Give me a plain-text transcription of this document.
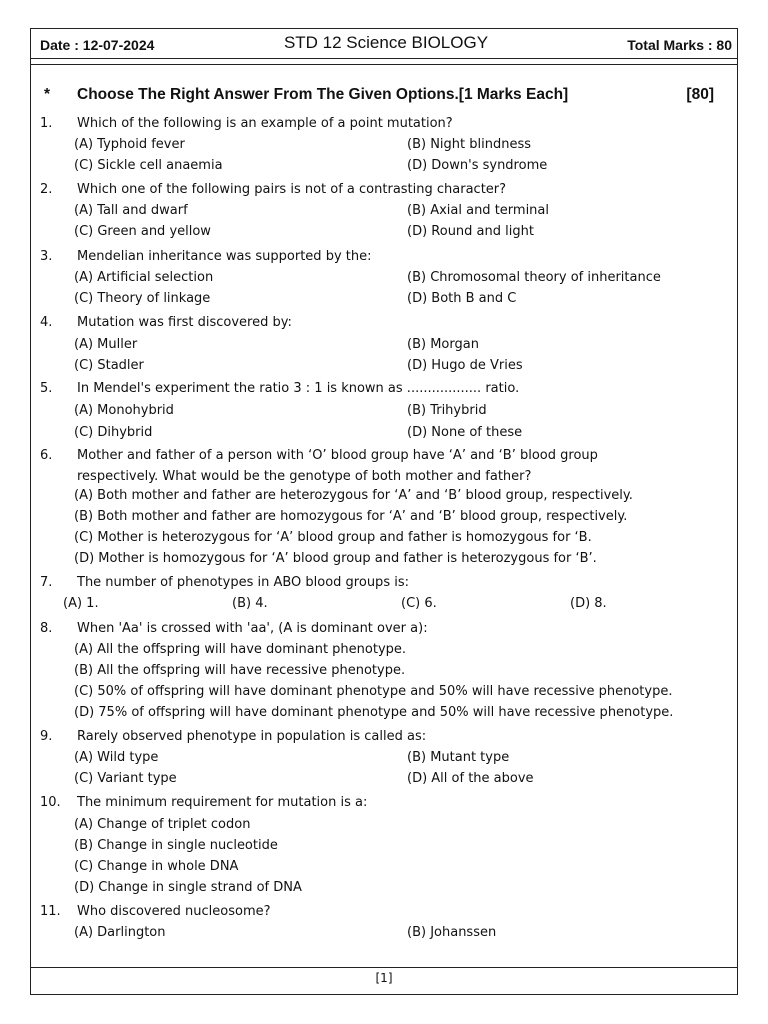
Date : 12-07-2024	STD 12 Science BIOLOGY	Total Marks : 80
* Choose The Right Answer From The Given Options.[1 Marks Each]	[80]
1.	Which of the following is an example of a point mutation?
(A) Typhoid fever	(B) Night blindness
(C) Sickle cell anaemia	(D) Down's syndrome
2.	Which one of the following pairs is not of a contrasting character?
(A) Tall and dwarf	(B) Axial and terminal
(C) Green and yellow	(D) Round and light
3.	Mendelian inheritance was supported by the:
(A) Artificial selection	(B) Chromosomal theory of inheritance
(C) Theory of linkage	(D) Both B and C
4.	Mutation was first discovered by:
(A) Muller	(B) Morgan
(C) Stadler	(D) Hugo de Vries
5.	In Mendel's experiment the ratio 3 : 1 is known as .................. ratio.
(A) Monohybrid	(B) Trihybrid
(C) Dihybrid	(D) None of these
6.	Mother and father of a person with ‘O’ blood group have ‘A’ and ‘B’ blood group respectively. What would be the genotype of both mother and father?
(A) Both mother and father are heterozygous for ‘A’ and ‘B’ blood group, respectively.
(B) Both mother and father are homozygous for ‘A’ and ‘B’ blood group, respectively.
(C) Mother is heterozygous for ‘A’ blood group and father is homozygous for ‘B.
(D) Mother is homozygous for ‘A’ blood group and father is heterozygous for ‘B’.
7.	The number of phenotypes in ABO blood groups is:
(A) 1.	(B) 4.	(C) 6.	(D) 8.
8.	When 'Aa' is crossed with 'aa', (A is dominant over a):
(A) All the offspring will have dominant phenotype.
(B) All the offspring will have recessive phenotype.
(C) 50% of offspring will have dominant phenotype and 50% will have recessive phenotype.
(D) 75% of offspring will have dominant phenotype and 50% will have recessive phenotype.
9.	Rarely observed phenotype in population is called as:
(A) Wild type	(B) Mutant type
(C) Variant type	(D) All of the above
10.	The minimum requirement for mutation is a:
(A) Change of triplet codon
(B) Change in single nucleotide
(C) Change in whole DNA
(D) Change in single strand of DNA
11.	Who discovered nucleosome?
(A) Darlington	(B) Johanssen
[1]
